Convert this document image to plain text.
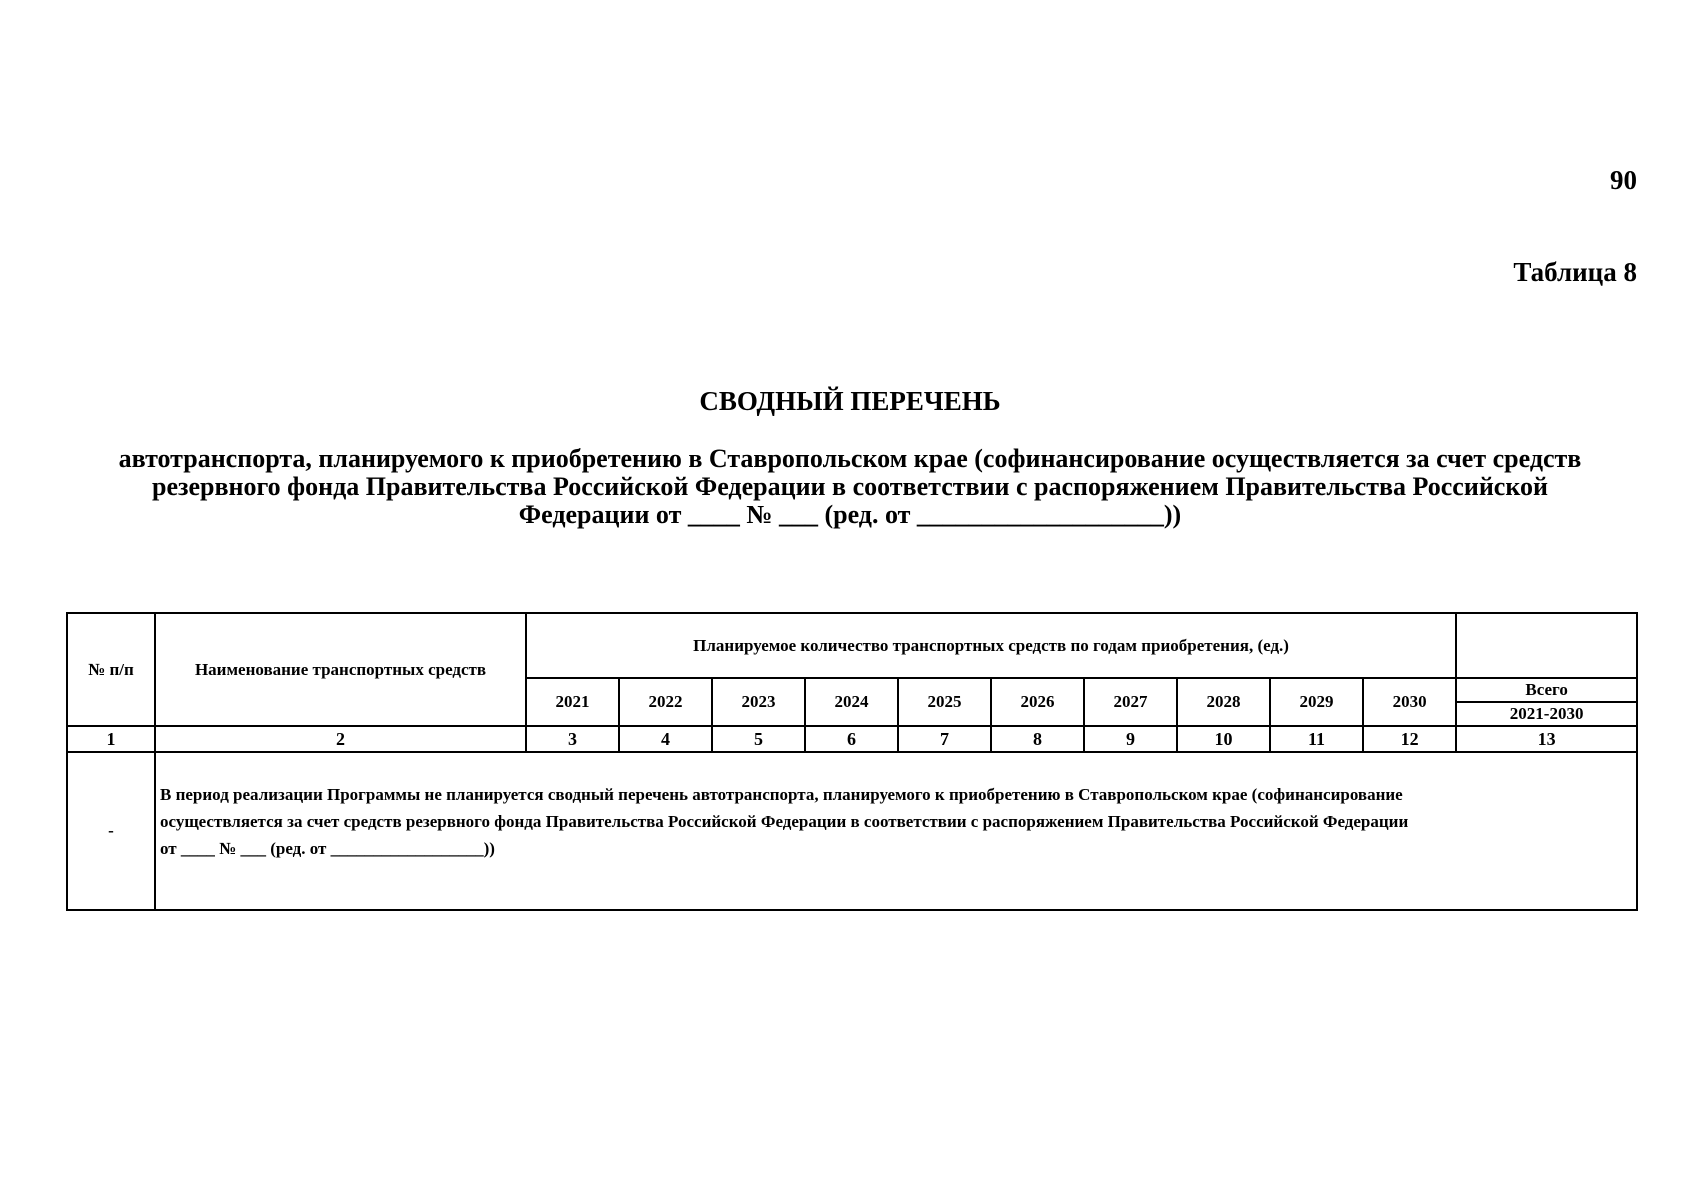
90
Таблица 8
СВОДНЫЙ ПЕРЕЧЕНЬ
автотранспорта, планируемого к приобретению в Ставропольском крае (софинансирование осуществляется за счет средств
резервного фонда Правительства Российской Федерации в соответствии с распоряжением Правительства Российской
Федерации от ____ № ___ (ред. от ___________________))
№ п/п	Наименование транспортных средств	Планируемое количество транспортных средств по годам приобретения, (ед.)										
		2021	2022	2023	2024	2025	2026	2027	2028	2029	2030	Всего
												2021-2030
1	2	3	4	5	6	7	8	9	10	11	12	13
-	В период реализации Программы не планируется сводный перечень автотранспорта, планируемого к приобретению в Ставропольском крае (софинансирование
осуществляется за счет средств резервного фонда Правительства Российской Федерации в соответствии с распоряжением Правительства Российской Федерации
от ____ № ___ (ред. от __________________))											
